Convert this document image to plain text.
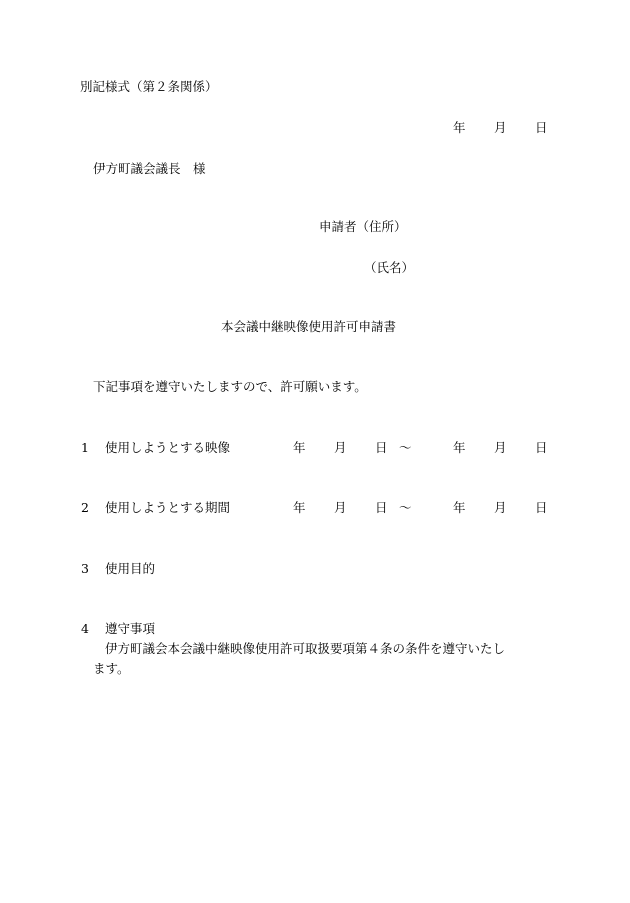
別記様式（第２条関係）
年 月 日
伊方町議会議長　様
申請者（住所）
（氏名）
本会議中継映像使用許可申請書
下記事項を遵守いたしますので、許可願います。
1 使用しようとする映像	年 月 日 〜	年 月 日
2 使用しようとする期間	年 月 日 〜	年 月 日
3 使用目的
4 遵守事項
伊方町議会本会議中継映像使用許可取扱要項第４条の条件を遵守いたし
ます。
